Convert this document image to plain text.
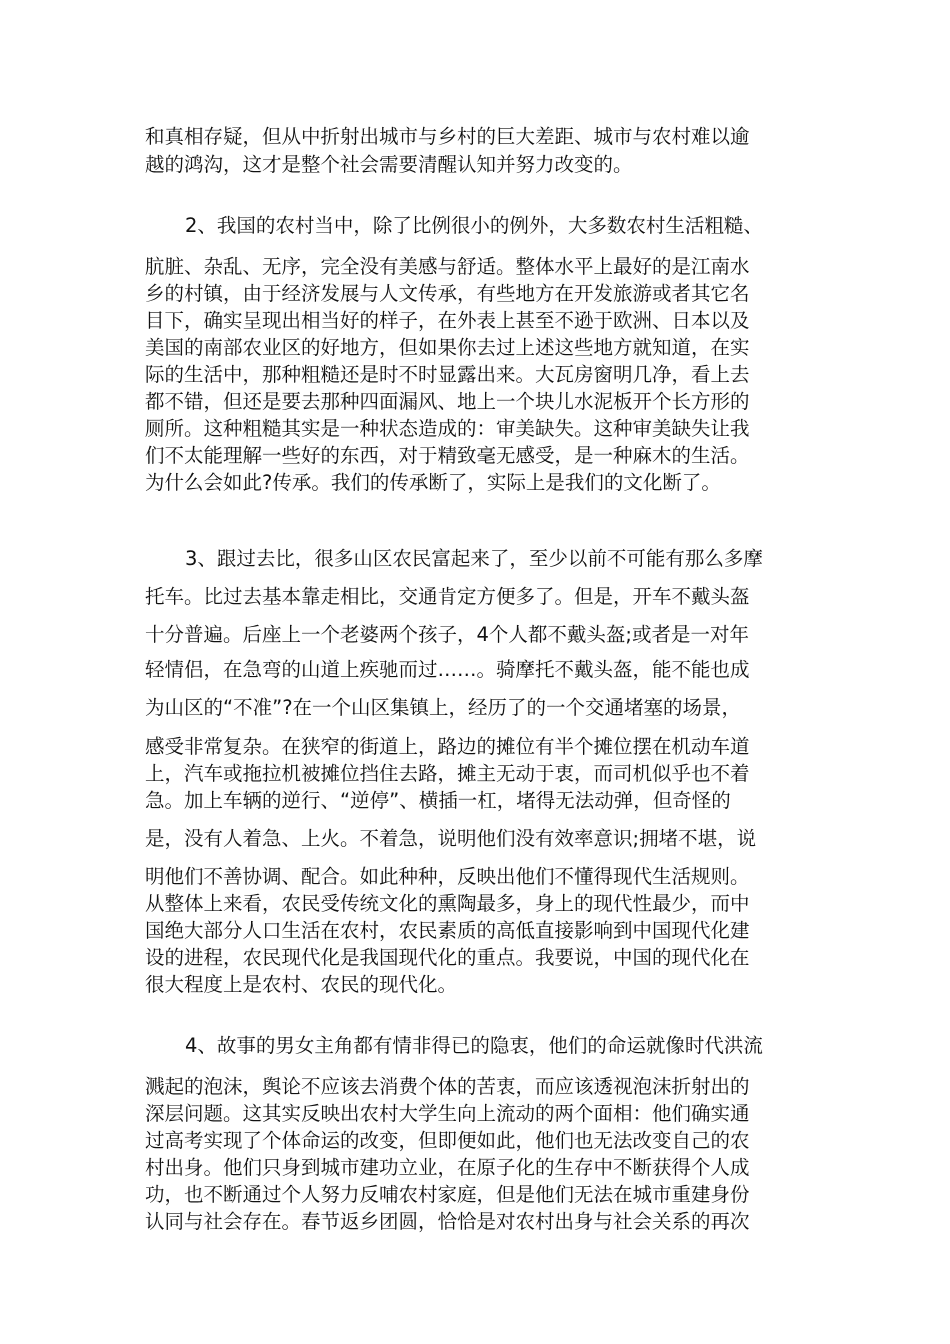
和真相存疑，但从中折射出城市与乡村的巨大差距、城市与农村难以逾
越的鸿沟，这才是整个社会需要清醒认知并努力改变的。
2、我国的农村当中，除了比例很小的例外，大多数农村生活粗糙、
肮脏、杂乱、无序，完全没有美感与舒适。整体水平上最好的是江南水
乡的村镇，由于经济发展与人文传承，有些地方在开发旅游或者其它名
目下，确实呈现出相当好的样子，在外表上甚至不逊于欧洲、日本以及
美国的南部农业区的好地方，但如果你去过上述这些地方就知道，在实
际的生活中，那种粗糙还是时不时显露出来。大瓦房窗明几净，看上去
都不错，但还是要去那种四面漏风、地上一个块儿水泥板开个长方形的
厕所。这种粗糙其实是一种状态造成的：审美缺失。这种审美缺失让我
们不太能理解一些好的东西，对于精致毫无感受，是一种麻木的生活。
为什么会如此?传承。我们的传承断了，实际上是我们的文化断了。
3、跟过去比，很多山区农民富起来了，至少以前不可能有那么多摩
托车。比过去基本靠走相比，交通肯定方便多了。但是，开车不戴头盔
十分普遍。后座上一个老婆两个孩子，4个人都不戴头盔;或者是一对年
轻情侣，在急弯的山道上疾驰而过……。骑摩托不戴头盔，能不能也成
为山区的“不准”?在一个山区集镇上，经历了的一个交通堵塞的场景，
感受非常复杂。在狭窄的街道上，路边的摊位有半个摊位摆在机动车道
上，汽车或拖拉机被摊位挡住去路，摊主无动于衷，而司机似乎也不着
急。加上车辆的逆行、“逆停”、横插一杠，堵得无法动弹，但奇怪的
是，没有人着急、上火。不着急，说明他们没有效率意识;拥堵不堪，说
明他们不善协调、配合。如此种种，反映出他们不懂得现代生活规则。
从整体上来看，农民受传统文化的熏陶最多，身上的现代性最少，而中
国绝大部分人口生活在农村，农民素质的高低直接影响到中国现代化建
设的进程，农民现代化是我国现代化的重点。我要说，中国的现代化在
很大程度上是农村、农民的现代化。
4、故事的男女主角都有情非得已的隐衷，他们的命运就像时代洪流
溅起的泡沫，舆论不应该去消费个体的苦衷，而应该透视泡沫折射出的
深层问题。这其实反映出农村大学生向上流动的两个面相：他们确实通
过高考实现了个体命运的改变，但即便如此，他们也无法改变自己的农
村出身。他们只身到城市建功立业，在原子化的生存中不断获得个人成
功，也不断通过个人努力反哺农村家庭，但是他们无法在城市重建身份
认同与社会存在。春节返乡团圆，恰恰是对农村出身与社会关系的再次
